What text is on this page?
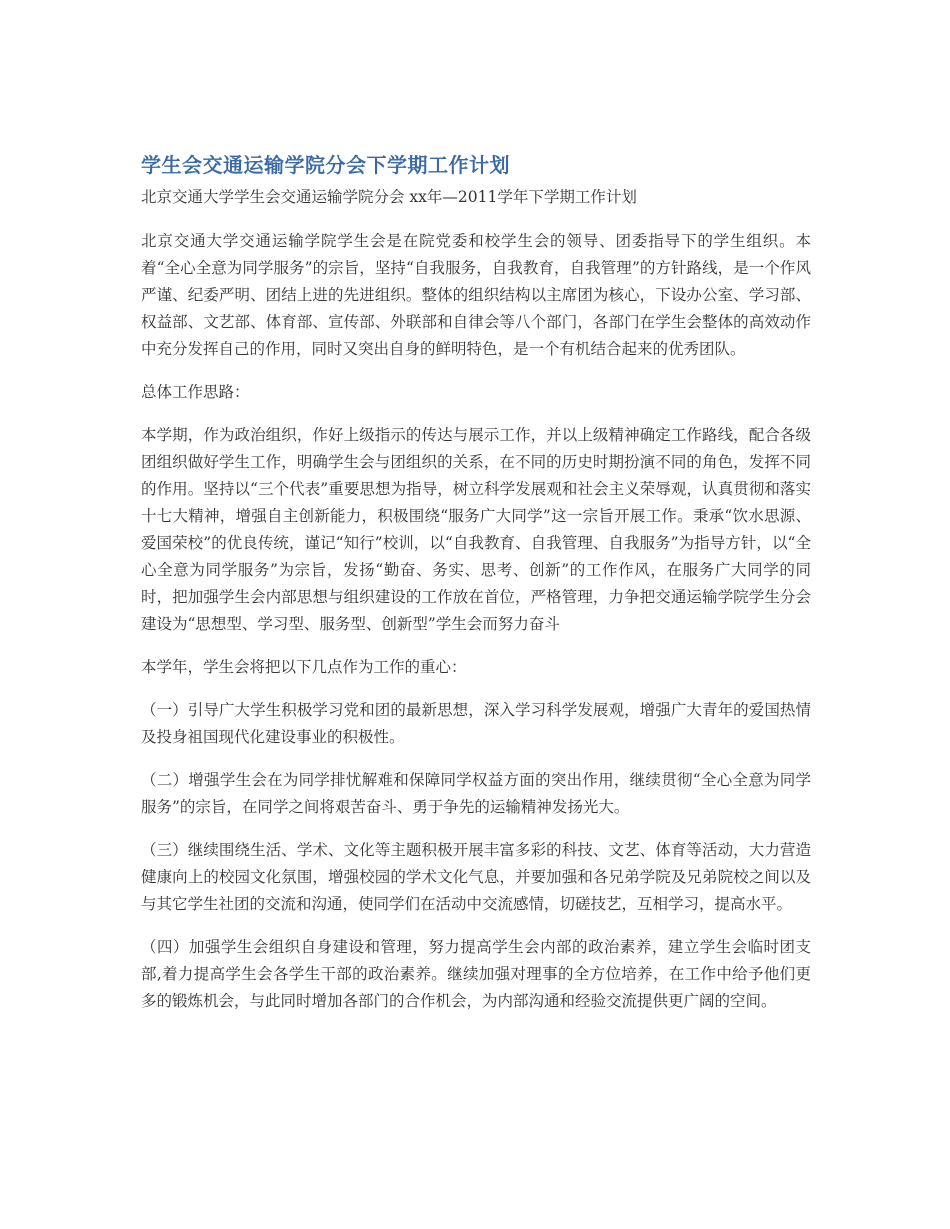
学生会交通运输学院分会下学期工作计划

北京交通大学学生会交通运输学院分会 xx年—2011学年下学期工作计划

北京交通大学交通运输学院学生会是在院党委和校学生会的领导、团委指导下的学生组织。本着“全心全意为同学服务”的宗旨，坚持“自我服务，自我教育，自我管理”的方针路线，是一个作风严谨、纪委严明、团结上进的先进组织。整体的组织结构以主席团为核心，下设办公室、学习部、权益部、文艺部、体育部、宣传部、外联部和自律会等八个部门，各部门在学生会整体的高效动作中充分发挥自己的作用，同时又突出自身的鲜明特色，是一个有机结合起来的优秀团队。

总体工作思路：

本学期，作为政治组织，作好上级指示的传达与展示工作，并以上级精神确定工作路线，配合各级团组织做好学生工作，明确学生会与团组织的关系，在不同的历史时期扮演不同的角色，发挥不同的作用。坚持以“三个代表”重要思想为指导，树立科学发展观和社会主义荣辱观，认真贯彻和落实十七大精神，增强自主创新能力，积极围绕“服务广大同学”这一宗旨开展工作。秉承“饮水思源、爱国荣校”的优良传统，谨记“知行”校训，以“自我教育、自我管理、自我服务”为指导方针，以“全心全意为同学服务”为宗旨，发扬“勤奋、务实、思考、创新”的工作作风，在服务广大同学的同时，把加强学生会内部思想与组织建设的工作放在首位，严格管理，力争把交通运输学院学生分会建设为“思想型、学习型、服务型、创新型”学生会而努力奋斗

本学年，学生会将把以下几点作为工作的重心：

（一）引导广大学生积极学习党和团的最新思想，深入学习科学发展观，增强广大青年的爱国热情及投身祖国现代化建设事业的积极性。

（二）增强学生会在为同学排忧解难和保障同学权益方面的突出作用，继续贯彻“全心全意为同学服务”的宗旨，在同学之间将艰苦奋斗、勇于争先的运输精神发扬光大。

（三）继续围绕生活、学术、文化等主题积极开展丰富多彩的科技、文艺、体育等活动，大力营造健康向上的校园文化氛围，增强校园的学术文化气息，并要加强和各兄弟学院及兄弟院校之间以及与其它学生社团的交流和沟通，使同学们在活动中交流感情，切磋技艺，互相学习，提高水平。

（四）加强学生会组织自身建设和管理，努力提高学生会内部的政治素养，建立学生会临时团支部,着力提高学生会各学生干部的政治素养。继续加强对理事的全方位培养，在工作中给予他们更多的锻炼机会，与此同时增加各部门的合作机会，为内部沟通和经验交流提供更广阔的空间。
